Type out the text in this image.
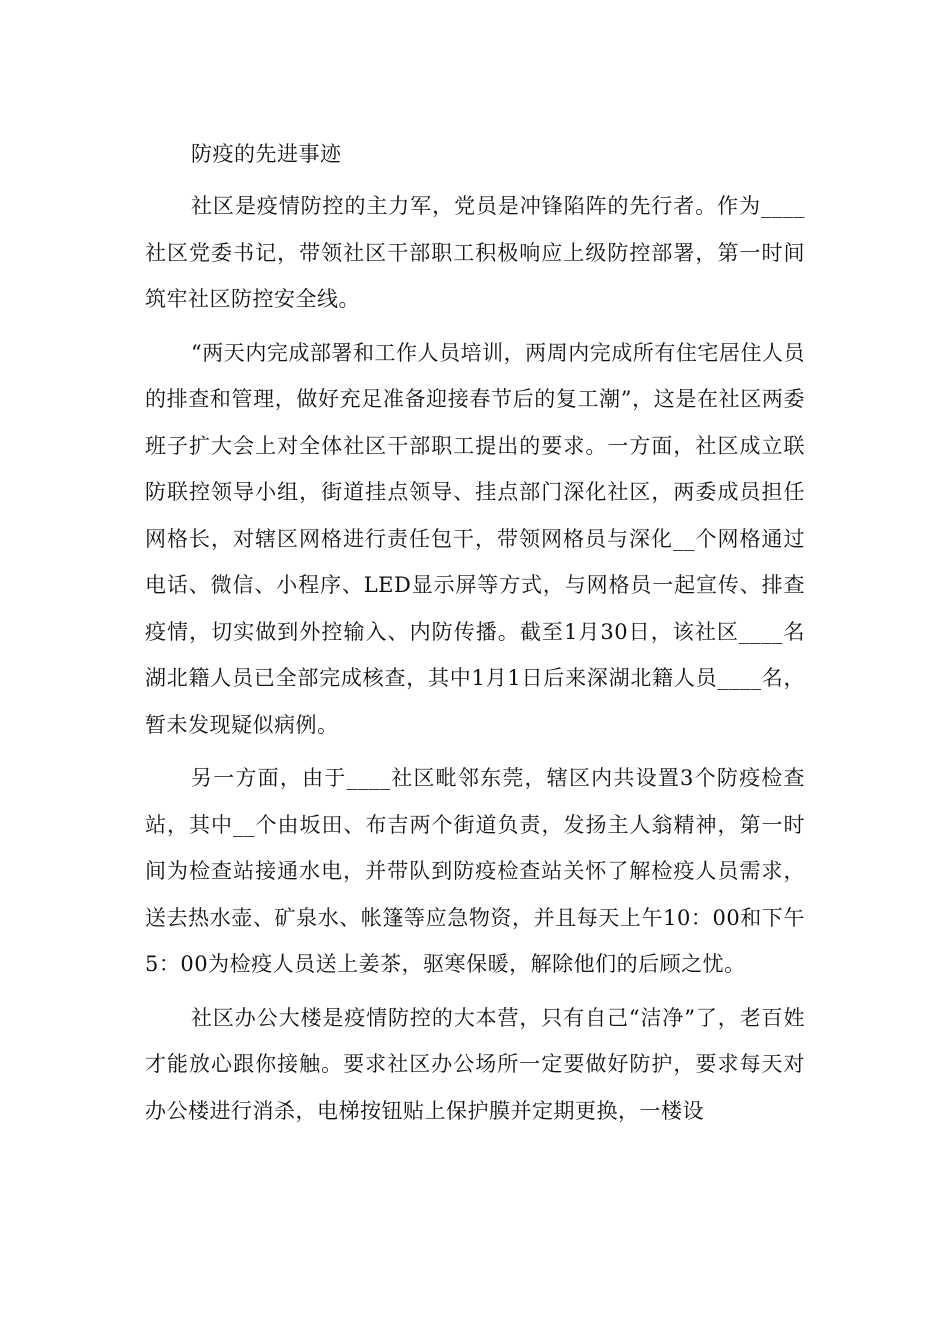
防疫的先进事迹

社区是疫情防控的主力军，党员是冲锋陷阵的先行者。作为____社区党委书记，带领社区干部职工积极响应上级防控部署，第一时间筑牢社区防控安全线。

“两天内完成部署和工作人员培训，两周内完成所有住宅居住人员的排查和管理，做好充足准备迎接春节后的复工潮”，这是在社区两委班子扩大会上对全体社区干部职工提出的要求。一方面，社区成立联防联控领导小组，街道挂点领导、挂点部门深化社区，两委成员担任网格长，对辖区网格进行责任包干，带领网格员与深化__个网格通过电话、微信、小程序、LED显示屏等方式，与网格员一起宣传、排查疫情，切实做到外控输入、内防传播。截至1月30日，该社区____名湖北籍人员已全部完成核查，其中1月1日后来深湖北籍人员____名，暂未发现疑似病例。

另一方面，由于____社区毗邻东莞，辖区内共设置3个防疫检查站，其中__个由坂田、布吉两个街道负责，发扬主人翁精神，第一时间为检查站接通水电，并带队到防疫检查站关怀了解检疫人员需求，送去热水壶、矿泉水、帐篷等应急物资，并且每天上午10：00和下午5：00为检疫人员送上姜茶，驱寒保暖，解除他们的后顾之忧。

社区办公大楼是疫情防控的大本营，只有自己“洁净”了，老百姓才能放心跟你接触。要求社区办公场所一定要做好防护，要求每天对办公楼进行消杀，电梯按钮贴上保护膜并定期更换，一楼设
